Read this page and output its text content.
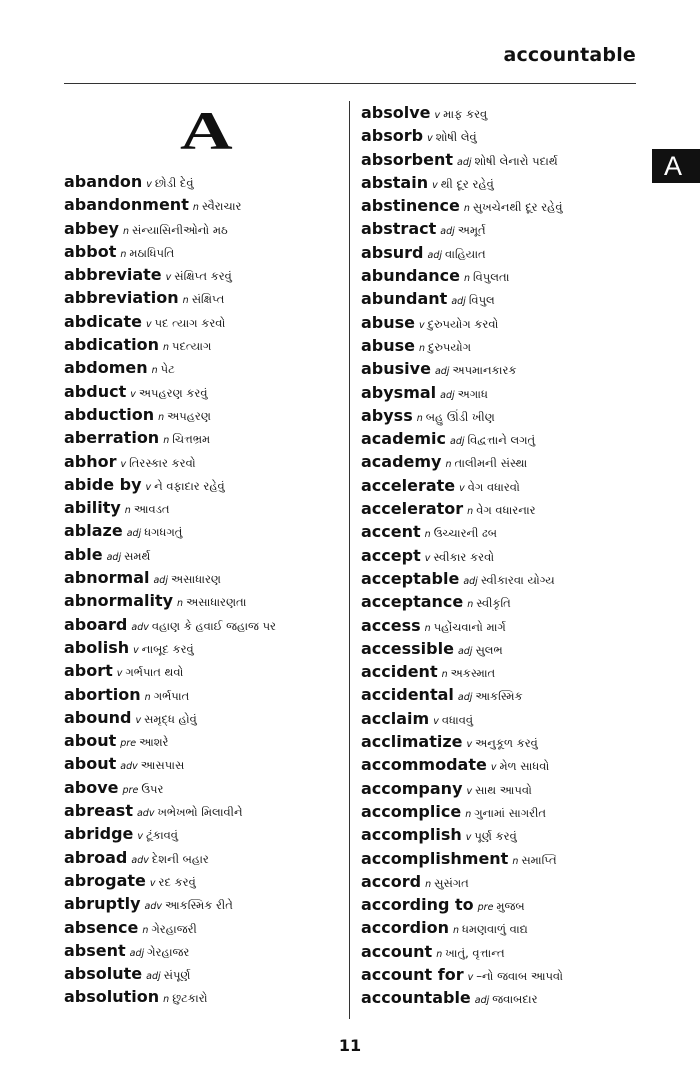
accountable
A
A
abandon v છોડી દેવું
abandonment n સ્વૈરાચાર
abbey n સંન્યાસિનીઓનો મઠ
abbot n મઠાધિપતિ
abbreviate v સંક્ષિપ્ત કરવું
abbreviation n સંક્ષિપ્ત
abdicate v પદ ત્યાગ કરવો
abdication n પદત્યાગ
abdomen n પેટ
abduct v અપહરણ કરવું
abduction n અપહરણ
aberration n ચિત્તભ્રમ
abhor v તિરસ્કાર કરવો
abide by v ને વફાદાર રહેવું
ability n આવડત
ablaze adj ધગધગતું
able adj સમર્થ
abnormal adj અસાધારણ
abnormality n અસાધારણતા
aboard adv વહાણ કે હવાઈ જહાજ પર
abolish v નાબૂદ કરવું
abort v ગર્ભપાત થવો
abortion n ગર્ભપાત
abound v સમૃદ્ધ હોવું
about pre આશરે
about adv આસપાસ
above pre ઉપર
abreast adv ખભેખભો મિલાવીને
abridge v ટૂંકાવવું
abroad adv દેશની બહાર
abrogate v રદ કરવું
abruptly adv આકસ્મિક રીતે
absence n ગેરહાજરી
absent adj ગેરહાજર
absolute adj સંપૂર્ણ
absolution n છુટકારો
absolve v માફ કરવુ
absorb v શોષી લેવું
absorbent adj શોષી લેનારો પદાર્થ
abstain v થી દૂર રહેવું
abstinence n સુખચેનથી દૂર રહેવું
abstract adj અમૂર્ત
absurd adj વાહિયાત
abundance n વિપુલતા
abundant adj વિપુલ
abuse v દુરુપયોગ કરવો
abuse n દુરુપયોગ
abusive adj અપમાનકારક
abysmal adj અગાધ
abyss n બહુ ઊંડી ખીણ
academic adj વિદ્વત્તાને લગતું
academy n તાલીમની સંસ્થા
accelerate v વેગ વધારવો
accelerator n વેગ વધારનાર
accent n ઉચ્ચારની ઢબ
accept v સ્વીકાર કરવો
acceptable adj સ્વીકારવા યોગ્ય
acceptance n સ્વીકૃતિ
access n પહોંચવાનો માર્ગ
accessible adj સુલભ
accident n અકસ્માત
accidental adj આકસ્મિક
acclaim v વધાવવું
acclimatize v અનુકૂળ કરવું
accommodate v મેળ સાધવો
accompany v સાથ આપવો
accomplice n ગુનામાં સાગરીત
accomplish v પૂર્ણ કરવું
accomplishment n સમાપ્તિ
accord n સુસંગત
according to pre મુજબ
accordion n ધમણવાળું વાદ્ય
account n ખાતું, વૃત્તાન્ત
account for v –નો જવાબ આપવો
accountable adj જવાબદાર
11
